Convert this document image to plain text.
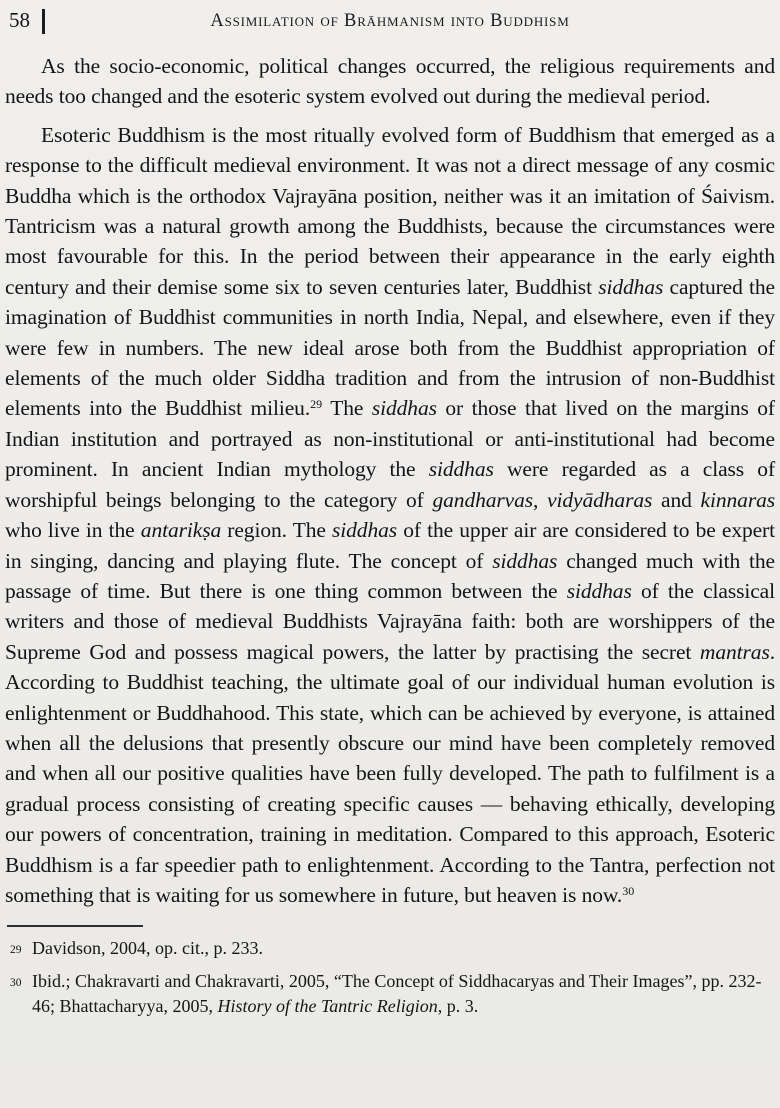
58	Assimilation of Brāhmanism into Buddhism

As the socio-economic, political changes occurred, the religious requirements and needs too changed and the esoteric system evolved out during the medieval period.

Esoteric Buddhism is the most ritually evolved form of Buddhism that emerged as a response to the difficult medieval environment. It was not a direct message of any cosmic Buddha which is the orthodox Vajrayāna position, neither was it an imitation of Śaivism. Tantricism was a natural growth among the Buddhists, because the circumstances were most favourable for this. In the period between their appearance in the early eighth century and their demise some six to seven centuries later, Buddhist siddhas captured the imagination of Buddhist communities in north India, Nepal, and elsewhere, even if they were few in numbers. The new ideal arose both from the Buddhist appropriation of elements of the much older Siddha tradition and from the intrusion of non-Buddhist elements into the Buddhist milieu.$^{29}$ The siddhas or those that lived on the margins of Indian institution and portrayed as non-institutional or anti-institutional had become prominent. In ancient Indian mythology the siddhas were regarded as a class of worshipful beings belonging to the category of gandharvas, vidyādharas and kinnaras who live in the antarikṣa region. The siddhas of the upper air are considered to be expert in singing, dancing and playing flute. The concept of siddhas changed much with the passage of time. But there is one thing common between the siddhas of the classical writers and those of medieval Buddhists Vajrayāna faith: both are worshippers of the Supreme God and possess magical powers, the latter by practising the secret mantras. According to Buddhist teaching, the ultimate goal of our individual human evolution is enlightenment or Buddhahood. This state, which can be achieved by everyone, is attained when all the delusions that presently obscure our mind have been completely removed and when all our positive qualities have been fully developed. The path to fulfilment is a gradual process consisting of creating specific causes — behaving ethically, developing our powers of concentration, training in meditation. Compared to this approach, Esoteric Buddhism is a far speedier path to enlightenment. According to the Tantra, perfection not something that is waiting for us somewhere in future, but heaven is now.$^{30}$

29 Davidson, 2004, op. cit., p. 233.
30 Ibid.; Chakravarti and Chakravarti, 2005, “The Concept of Siddhacaryas and Their Images”, pp. 232-46; Bhattacharyya, 2005, History of the Tantric Religion, p. 3.
